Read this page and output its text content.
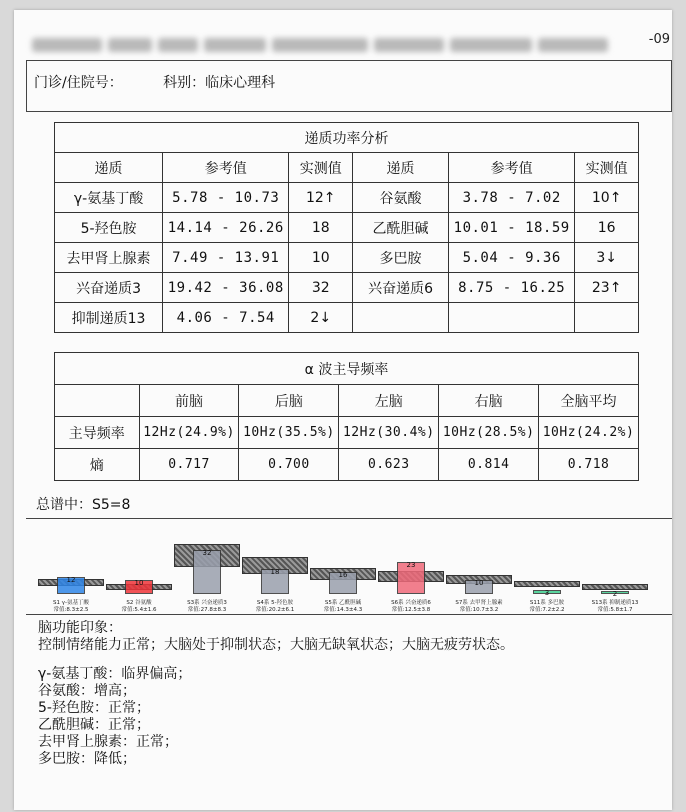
-09
门诊/住院号：	科别：临床心理科
递质功率分析					
递质	参考值	实测值	递质	参考值	实测值
γ-氨基丁酸	5.78 - 10.73	12↑	谷氨酸	3.78 - 7.02	10↑
5-羟色胺	14.14 - 26.26	18	乙酰胆碱	10.01 - 18.59	16
去甲肾上腺素	7.49 - 13.91	10	多巴胺	5.04 - 9.36	3↓
兴奋递质3	19.42 - 36.08	32	兴奋递质6	8.75 - 16.25	23↑
抑制递质13	4.06 - 7.54	2↓			
α 波主导频率					
	前脑	后脑	左脑	右脑	全脑平均
主导频率	12Hz(24.9%)	10Hz(35.5%)	12Hz(30.4%)	10Hz(28.5%)	10Hz(24.2%)
熵	0.717	0.700	0.623	0.814	0.718
总谱中：S5=8
12
S1 γ-氨基丁酸
常值:8.3±2.5
10
S2 谷氨酸
常值:5.4±1.6
32
S3系 兴奋递质3
常值:27.8±8.3
18
S4系 5-羟色胺
常值:20.2±6.1
16
S5系 乙酰胆碱
常值:14.3±4.3
23
S6系 兴奋递质6
常值:12.5±3.8
10
S7系 去甲肾上腺素
常值:10.7±3.2
3
S11系 多巴胺
常值:7.2±2.2
2
S13系 抑制递质13
常值:5.8±1.7
脑功能印象：
控制情绪能力正常；大脑处于抑制状态；大脑无缺氧状态；大脑无疲劳状态。
γ-氨基丁酸：临界偏高；
谷氨酸：增高；
5-羟色胺：正常；
乙酰胆碱：正常；
去甲肾上腺素：正常；
多巴胺：降低；
